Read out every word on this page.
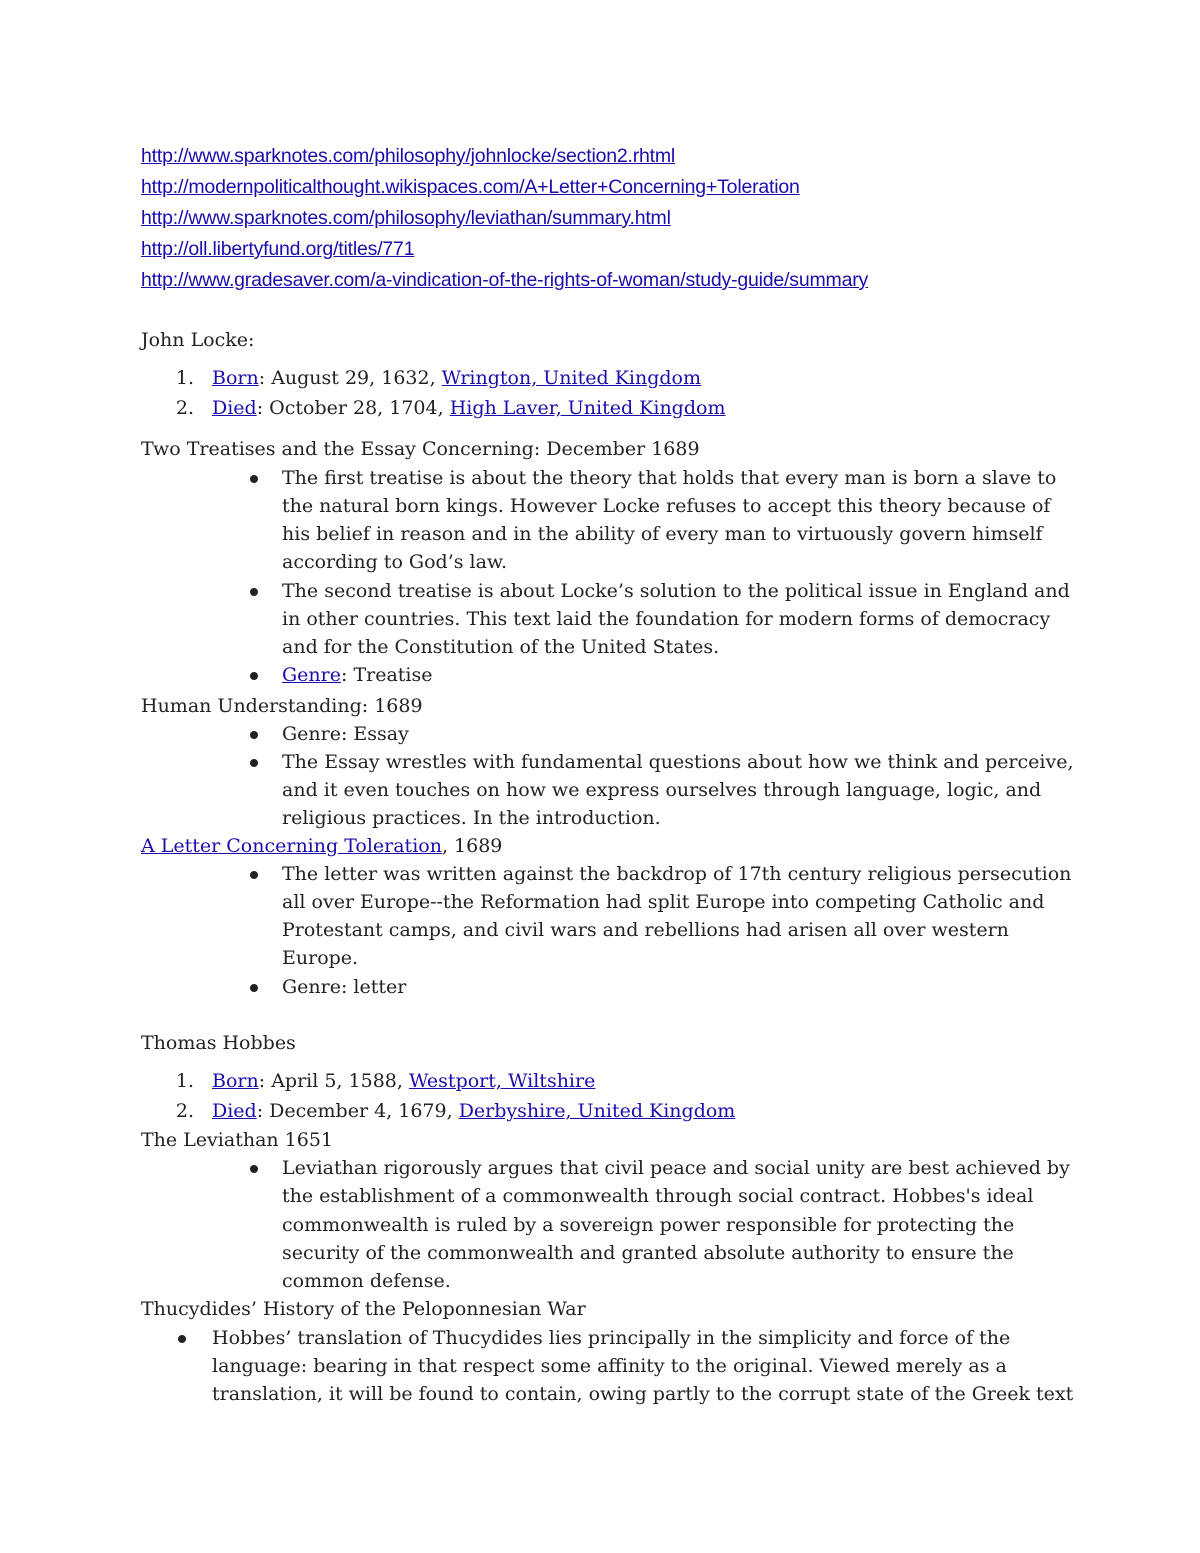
http://www.sparknotes.com/philosophy/johnlocke/section2.rhtml
http://modernpoliticalthought.wikispaces.com/A+Letter+Concerning+Toleration
http://www.sparknotes.com/philosophy/leviathan/summary.html
http://oll.libertyfund.org/titles/771
http://www.gradesaver.com/a-vindication-of-the-rights-of-woman/study-guide/summary
John Locke:
1. Born: August 29, 1632, Wrington, United Kingdom
2. Died: October 28, 1704, High Laver, United Kingdom
Two Treatises and the Essay Concerning: December 1689
The first treatise is about the theory that holds that every man is born a slave to
the natural born kings. However Locke refuses to accept this theory because of
his belief in reason and in the ability of every man to virtuously govern himself
according to God’s law.
The second treatise is about Locke’s solution to the political issue in England and
in other countries. This text laid the foundation for modern forms of democracy
and for the Constitution of the United States.
Genre: Treatise
Human Understanding: 1689
Genre: Essay
The Essay wrestles with fundamental questions about how we think and perceive,
and it even touches on how we express ourselves through language, logic, and
religious practices. In the introduction.
A Letter Concerning Toleration, 1689
The letter was written against the backdrop of 17th century religious persecution
all over Europe--the Reformation had split Europe into competing Catholic and
Protestant camps, and civil wars and rebellions had arisen all over western
Europe.
Genre: letter
Thomas Hobbes
1. Born: April 5, 1588, Westport, Wiltshire
2. Died: December 4, 1679, Derbyshire, United Kingdom
The Leviathan 1651
Leviathan rigorously argues that civil peace and social unity are best achieved by
the establishment of a commonwealth through social contract. Hobbes's ideal
commonwealth is ruled by a sovereign power responsible for protecting the
security of the commonwealth and granted absolute authority to ensure the
common defense.
Thucydides’ History of the Peloponnesian War
Hobbes’ translation of Thucydides lies principally in the simplicity and force of the
language: bearing in that respect some affinity to the original. Viewed merely as a
translation, it will be found to contain, owing partly to the corrupt state of the Greek text
